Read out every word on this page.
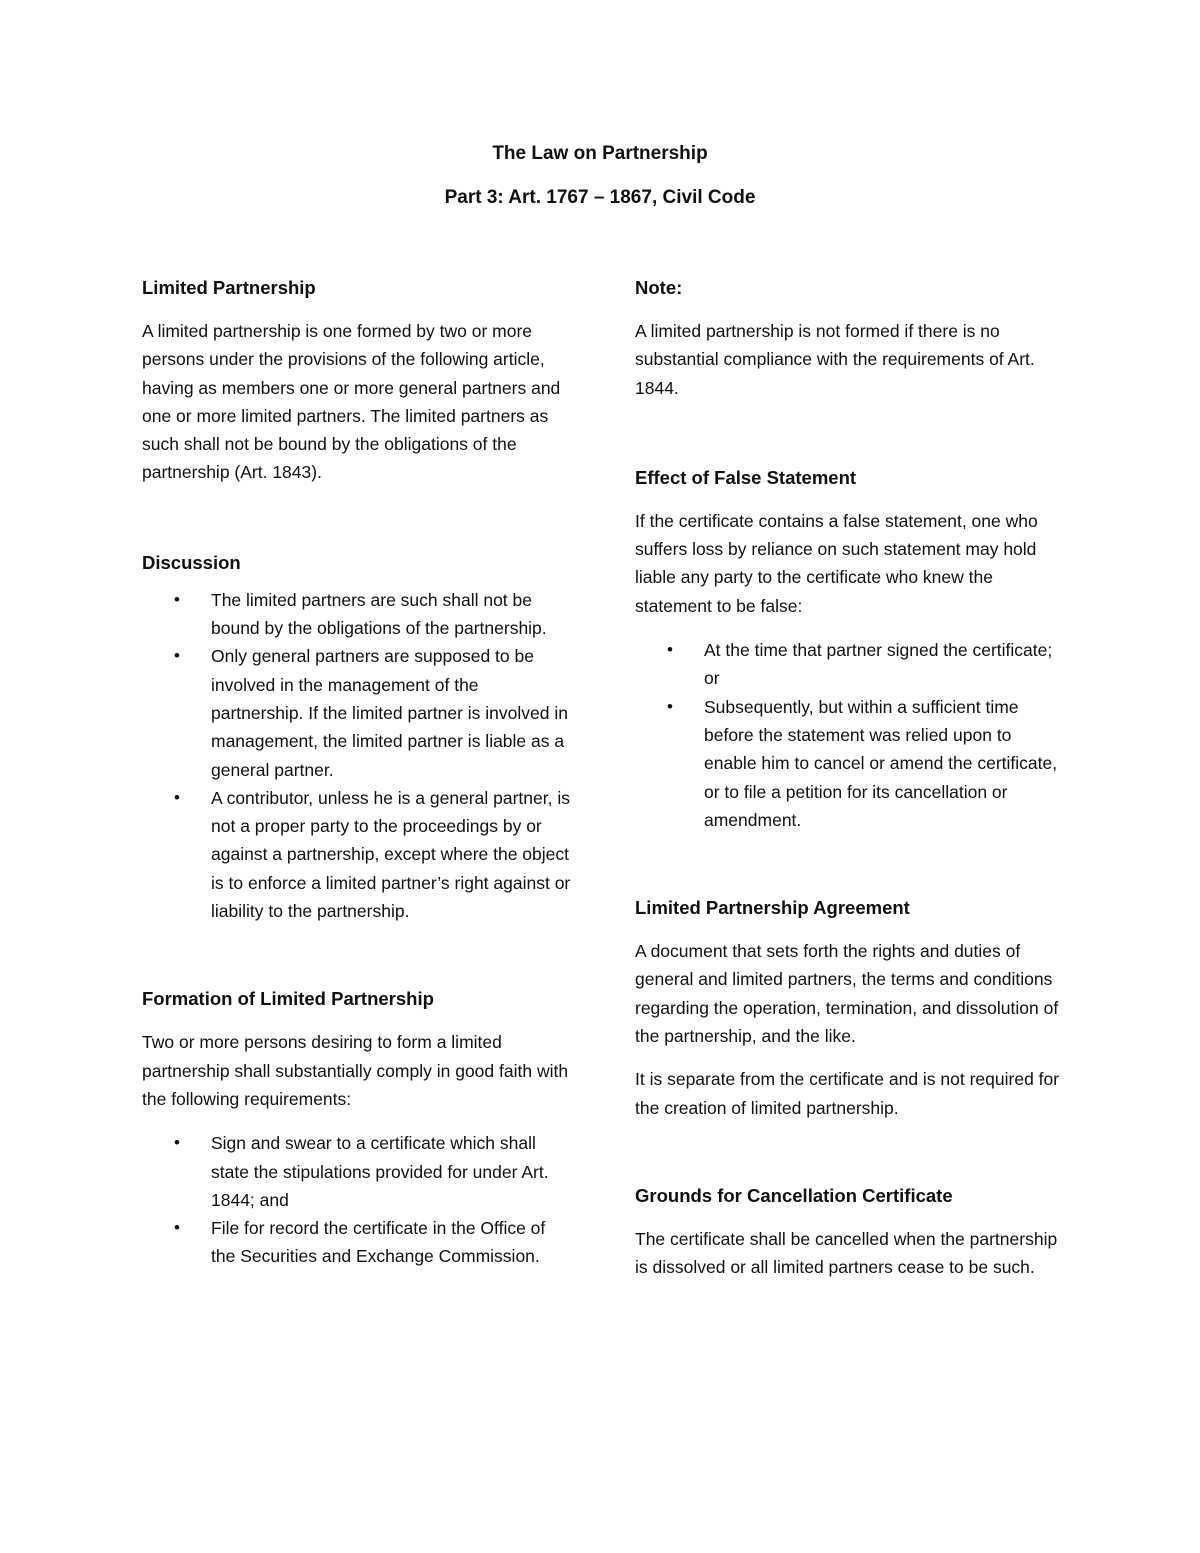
The Law on Partnership
Part 3: Art. 1767 – 1867, Civil Code
Limited Partnership

A limited partnership is one formed by two or more persons under the provisions of the following article, having as members one or more general partners and one or more limited partners. The limited partners as such shall not be bound by the obligations of the partnership (Art. 1843).

Discussion
• The limited partners are such shall not be bound by the obligations of the partnership.
• Only general partners are supposed to be involved in the management of the partnership. If the limited partner is involved in management, the limited partner is liable as a general partner.
• A contributor, unless he is a general partner, is not a proper party to the proceedings by or against a partnership, except where the object is to enforce a limited partner’s right against or liability to the partnership.
Formation of Limited Partnership

Two or more persons desiring to form a limited partnership shall substantially comply in good faith with the following requirements:

• Sign and swear to a certificate which shall state the stipulations provided for under Art. 1844; and
• File for record the certificate in the Office of the Securities and Exchange Commission.
Note:

A limited partnership is not formed if there is no substantial compliance with the requirements of Art. 1844.

Effect of False Statement

If the certificate contains a false statement, one who suffers loss by reliance on such statement may hold liable any party to the certificate who knew the statement to be false:

• At the time that partner signed the certificate; or
• Subsequently, but within a sufficient time before the statement was relied upon to enable him to cancel or amend the certificate, or to file a petition for its cancellation or amendment.
Limited Partnership Agreement

A document that sets forth the rights and duties of general and limited partners, the terms and conditions regarding the operation, termination, and dissolution of the partnership, and the like.

It is separate from the certificate and is not required for the creation of limited partnership.

Grounds for Cancellation Certificate

The certificate shall be cancelled when the partnership is dissolved or all limited partners cease to be such.
